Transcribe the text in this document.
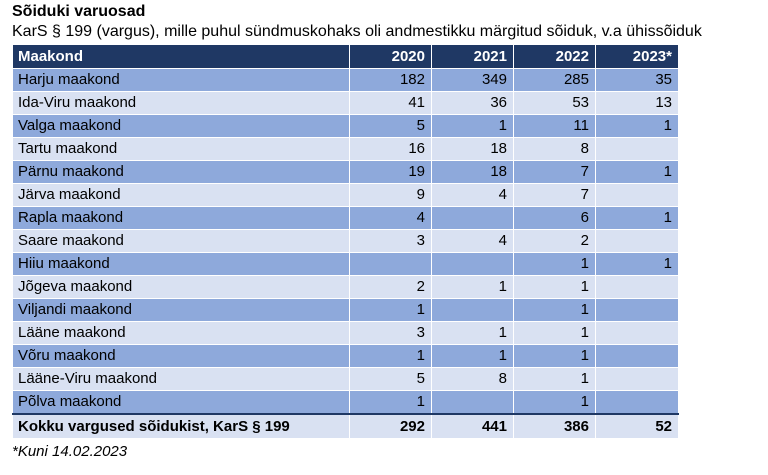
Sõiduki varuosad
KarS § 199 (vargus), mille puhul sündmuskohaks oli andmestikku märgitud sõiduk, v.a ühissõiduk
Maakond	2020	2021	2022	2023*
Harju maakond	182	349	285	35
Ida-Viru maakond	41	36	53	13
Valga maakond	5	1	11	1
Tartu maakond	16	18	8	
Pärnu maakond	19	18	7	1
Järva maakond	9	4	7	
Rapla maakond	4		6	1
Saare maakond	3	4	2	
Hiiu maakond			1	1
Jõgeva maakond	2	1	1	
Viljandi maakond	1		1	
Lääne maakond	3	1	1	
Võru maakond	1	1	1	
Lääne-Viru maakond	5	8	1	
Põlva maakond	1		1	
Kokku vargused sõidukist, KarS § 199	292	441	386	52
*Kuni 14.02.2023
